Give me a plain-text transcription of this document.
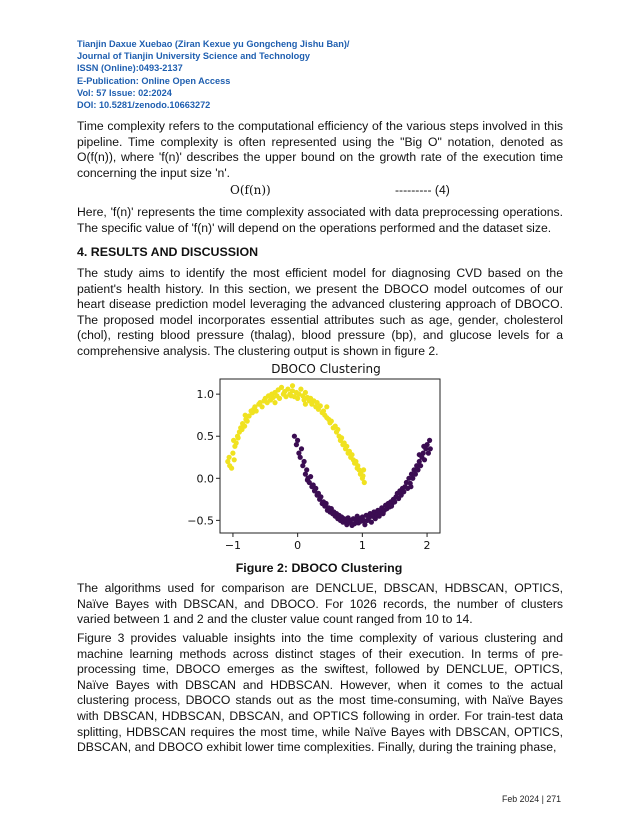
Tianjin Daxue Xuebao (Ziran Kexue yu Gongcheng Jishu Ban)/
Journal of Tianjin University Science and Technology
ISSN (Online):0493-2137
E-Publication: Online Open Access
Vol: 57 Issue: 02:2024
DOI: 10.5281/zenodo.10663272

Time complexity refers to the computational efficiency of the various steps involved in this pipeline. Time complexity is often represented using the "Big O" notation, denoted as O(f(n)), where 'f(n)' describes the upper bound on the growth rate of the execution time concerning the input size 'n'.

O(f(n))	--------- (4)

Here, 'f(n)' represents the time complexity associated with data preprocessing operations. The specific value of 'f(n)' will depend on the operations performed and the dataset size.

4. RESULTS AND DISCUSSION

The study aims to identify the most efficient model for diagnosing CVD based on the patient's health history. In this section, we present the DBOCO model outcomes of our heart disease prediction model leveraging the advanced clustering approach of DBOCO. The proposed model incorporates essential attributes such as age, gender, cholesterol (chol), resting blood pressure (thalag), blood pressure (bp), and glucose levels for a comprehensive analysis. The clustering output is shown in figure 2.

DBOCO Clustering
−1	0	1	2
1.0
0.5
0.0
−0.5
Figure 2: DBOCO Clustering

The algorithms used for comparison are DENCLUE, DBSCAN, HDBSCAN, OPTICS, Naïve Bayes with DBSCAN, and DBOCO. For 1026 records, the number of clusters varied between 1 and 2 and the cluster value count ranged from 10 to 14.

Figure 3 provides valuable insights into the time complexity of various clustering and machine learning methods across distinct stages of their execution. In terms of pre-processing time, DBOCO emerges as the swiftest, followed by DENCLUE, OPTICS, Naïve Bayes with DBSCAN and HDBSCAN. However, when it comes to the actual clustering process, DBOCO stands out as the most time-consuming, with Naïve Bayes with DBSCAN, HDBSCAN, DBSCAN, and OPTICS following in order. For train-test data splitting, HDBSCAN requires the most time, while Naïve Bayes with DBSCAN, OPTICS, DBSCAN, and DBOCO exhibit lower time complexities. Finally, during the training phase,

Feb 2024 | 271
